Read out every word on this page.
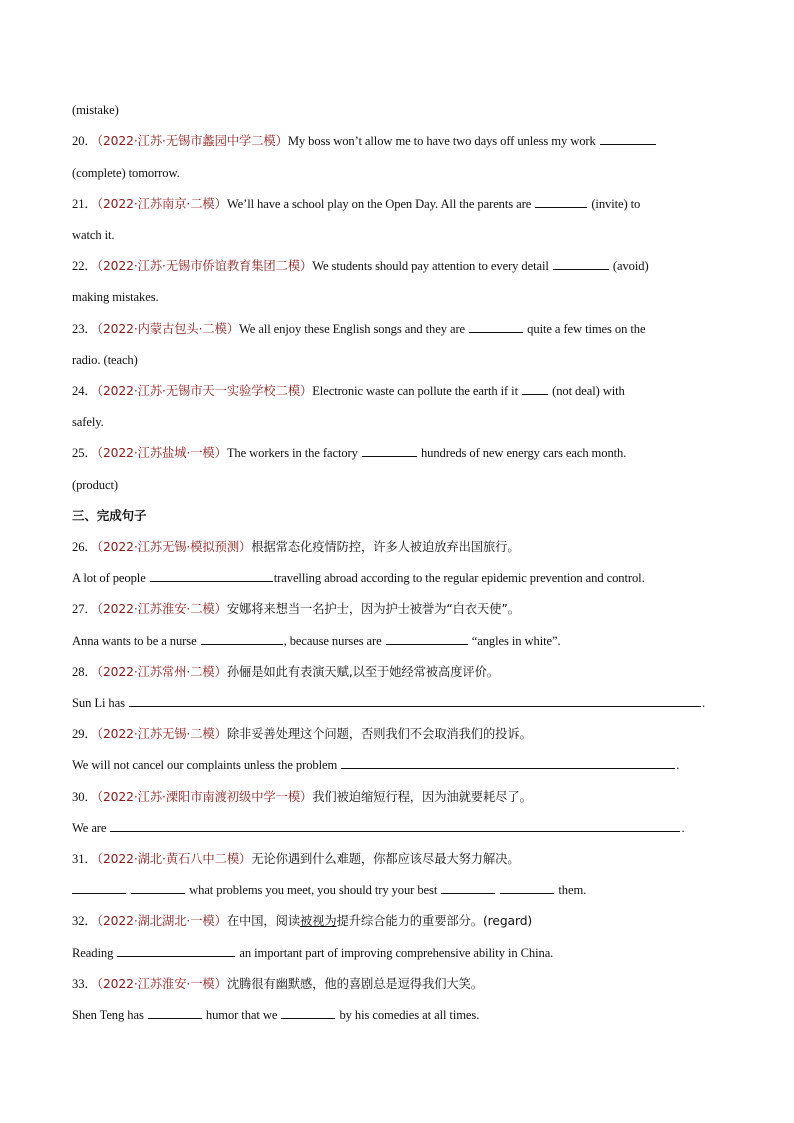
(mistake)
20．（2022·江苏·无锡市蠡园中学二模）My boss won’t allow me to have two days off unless my work
(complete) tomorrow.
21．（2022·江苏南京·二模）We’ll have a school play on the Open Day. All the parents are	(invite) to
watch it.
22．（2022·江苏·无锡市侨谊教育集团二模）We students should pay attention to every detail	(avoid)
making mistakes.
23．（2022·内蒙古包头·二模）We all enjoy these English songs and they are	quite a few times on the
radio. (teach)
24．（2022·江苏·无锡市天一实验学校二模）Electronic waste can pollute the earth if it	(not deal) with
safely.
25．（2022·江苏盐城·一模）The workers in the factory	hundreds of new energy cars each month.
(product)
三、完成句子
26．（2022·江苏无锡·模拟预测）根据常态化疫情防控，许多人被迫放弃出国旅行。
A lot of people	travelling abroad according to the regular epidemic prevention and control.
27．（2022·江苏淮安·二模）安娜将来想当一名护士，因为护士被誉为“白衣天使”。
Anna wants to be a nurse	, because nurses are	“angles in white”.
28．（2022·江苏常州·二模）孙俪是如此有表演天赋,以至于她经常被高度评价。
Sun Li has	.
29．（2022·江苏无锡·二模）除非妥善处理这个问题，否则我们不会取消我们的投诉。
We will not cancel our complaints unless the problem	.
30．（2022·江苏·溧阳市南渡初级中学一模）我们被迫缩短行程，因为油就要耗尽了。
We are	.
31．（2022·湖北·黄石八中二模）无论你遇到什么难题，你都应该尽最大努力解决。
what problems you meet, you should try your best	them.
32．（2022·湖北湖北·一模）在中国，阅读被视为提升综合能力的重要部分。(regard)
Reading	an important part of improving comprehensive ability in China.
33．（2022·江苏淮安·一模）沈腾很有幽默感，他的喜剧总是逗得我们大笑。
Shen Teng has	humor that we	by his comedies at all times.
